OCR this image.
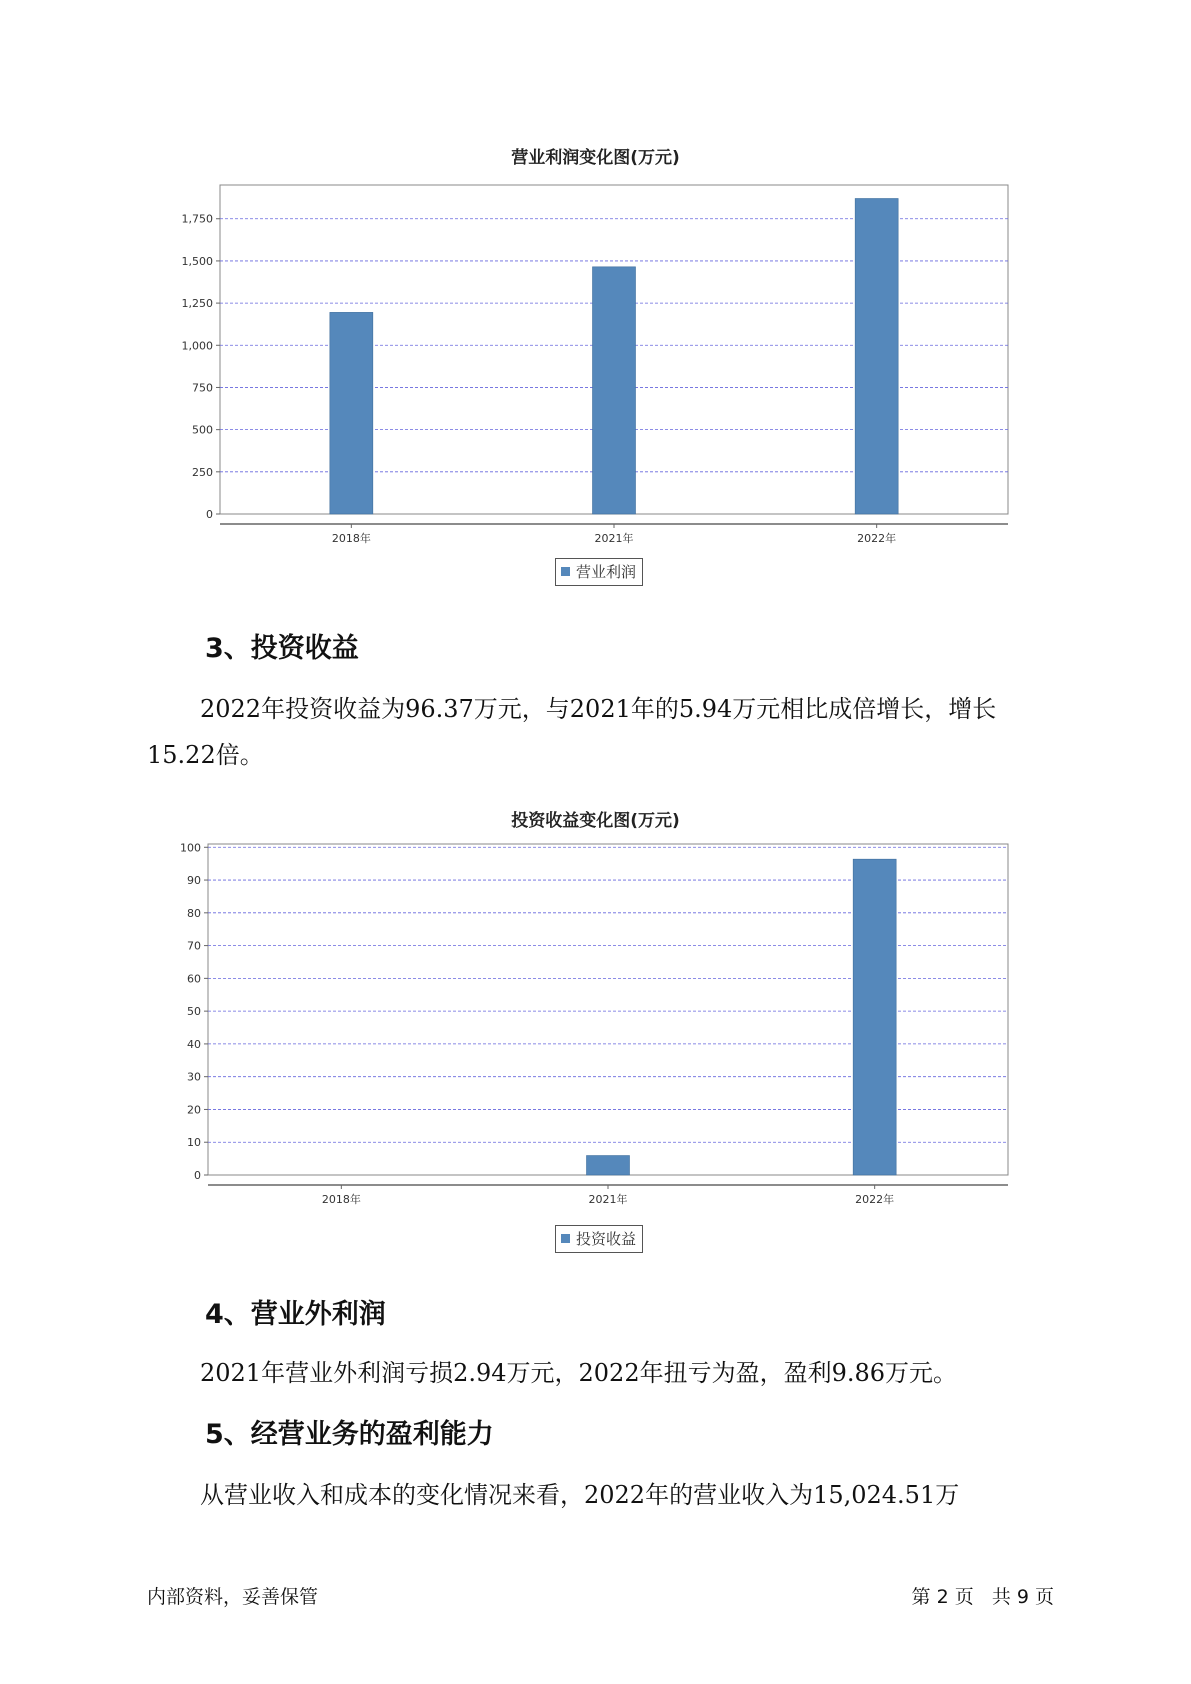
营业利润变化图(万元)
0
250
500
750
1,000
1,250
1,500
1,750
2018年	2021年	2022年
营业利润
3、投资收益
2022年投资收益为96.37万元，与2021年的5.94万元相比成倍增长，增长15.22倍。
投资收益变化图(万元)
0
10
20
30
40
50
60
70
80
90
100
2018年	2021年	2022年
投资收益
4、营业外利润
2021年营业外利润亏损2.94万元，2022年扭亏为盈，盈利9.86万元。
5、经营业务的盈利能力
从营业收入和成本的变化情况来看，2022年的营业收入为15,024.51万
内部资料，妥善保管	第 2 页   共 9 页
